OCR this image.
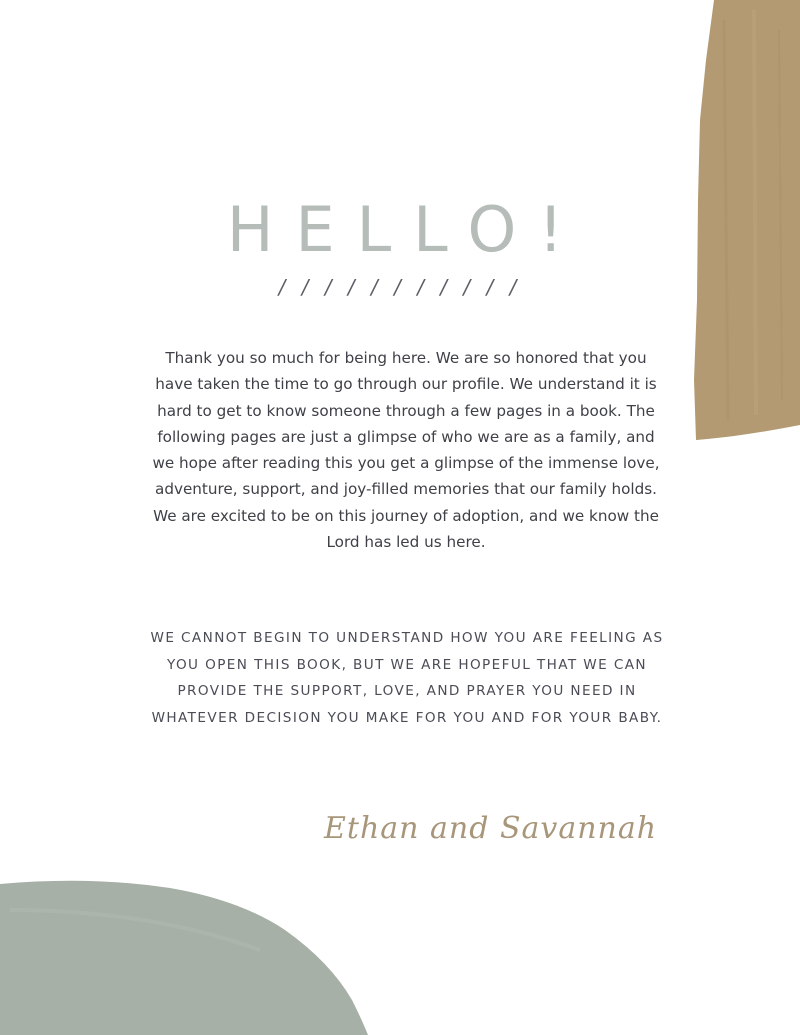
HELLO!
/ / / / / / / / / / /

Thank you so much for being here. We are so honored that you have taken the time to go through our profile. We understand it is hard to get to know someone through a few pages in a book. The following pages are just a glimpse of who we are as a family, and we hope after reading this you get a glimpse of the immense love, adventure, support, and joy-filled memories that our family holds. We are excited to be on this journey of adoption, and we know the Lord has led us here.

WE CANNOT BEGIN TO UNDERSTAND HOW YOU ARE FEELING AS YOU OPEN THIS BOOK, BUT WE ARE HOPEFUL THAT WE CAN PROVIDE THE SUPPORT, LOVE, AND PRAYER YOU NEED IN WHATEVER DECISION YOU MAKE FOR YOU AND FOR YOUR BABY.

Ethan and Savannah
